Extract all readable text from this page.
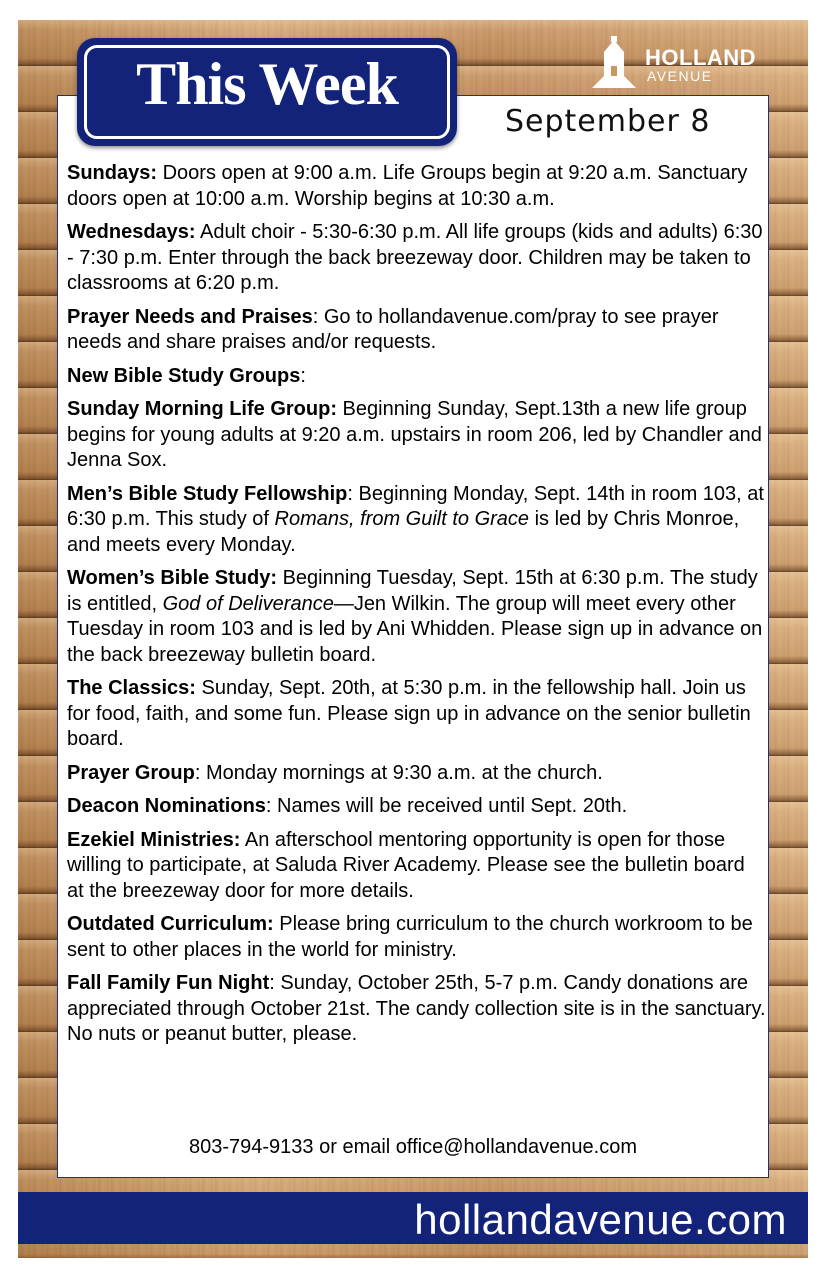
This Week	HOLLAND
AVENUE
September 8

Sundays: Doors open at 9:00 a.m. Life Groups begin at 9:20 a.m. Sanctuary doors open at 10:00 a.m. Worship begins at 10:30 a.m.

Wednesdays: Adult choir - 5:30-6:30 p.m. All life groups (kids and adults) 6:30 - 7:30 p.m. Enter through the back breezeway door. Children may be taken to classrooms at 6:20 p.m.

Prayer Needs and Praises: Go to hollandavenue.com/pray to see prayer needs and share praises and/or requests.

New Bible Study Groups:

Sunday Morning Life Group: Beginning Sunday, Sept.13th a new life group begins for young adults at 9:20 a.m. upstairs in room 206, led by Chandler and Jenna Sox.

Men’s Bible Study Fellowship: Beginning Monday, Sept. 14th in room 103, at 6:30 p.m. This study of Romans, from Guilt to Grace is led by Chris Monroe, and meets every Monday.

Women’s Bible Study: Beginning Tuesday, Sept. 15th at 6:30 p.m. The study is entitled, God of Deliverance—Jen Wilkin. The group will meet every other Tuesday in room 103 and is led by Ani Whidden. Please sign up in advance on the back breezeway bulletin board.

The Classics: Sunday, Sept. 20th, at 5:30 p.m. in the fellowship hall. Join us for food, faith, and some fun. Please sign up in advance on the senior bulletin board.

Prayer Group: Monday mornings at 9:30 a.m. at the church.

Deacon Nominations: Names will be received until Sept. 20th.

Ezekiel Ministries: An afterschool mentoring opportunity is open for those willing to participate, at Saluda River Academy. Please see the bulletin board at the breezeway door for more details.

Outdated Curriculum: Please bring curriculum to the church workroom to be sent to other places in the world for ministry.

Fall Family Fun Night: Sunday, October 25th, 5-7 p.m. Candy donations are appreciated through October 21st. The candy collection site is in the sanctuary. No nuts or peanut butter, please.

803-794-9133 or email office@hollandavenue.com
hollandavenue.com
